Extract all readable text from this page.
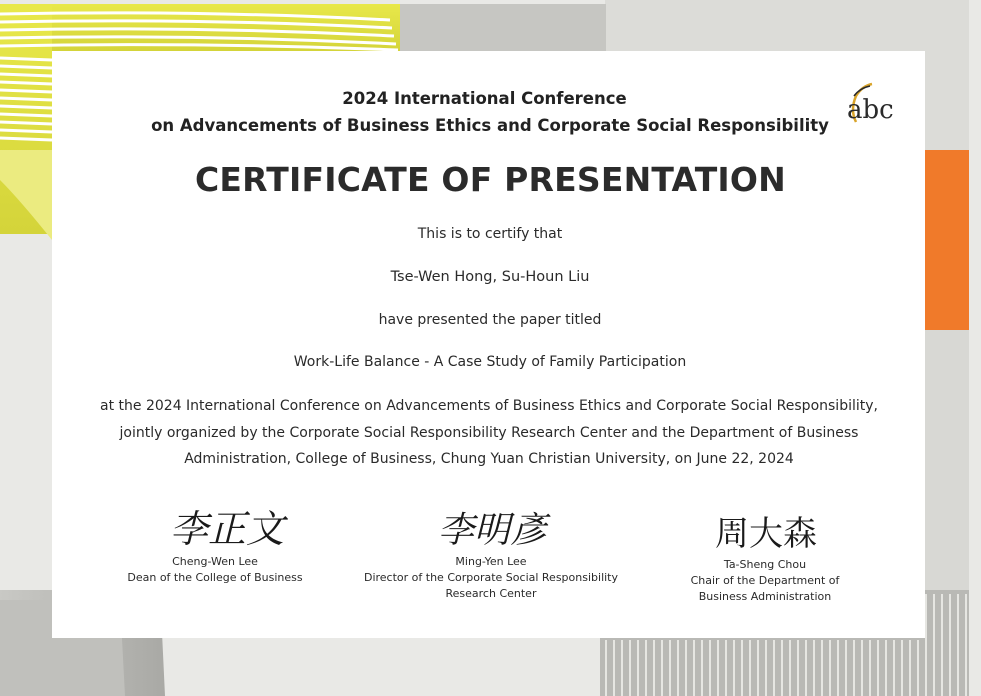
abc
2024 International Conference
on Advancements of Business Ethics and Corporate Social Responsibility
CERTIFICATE OF PRESENTATION
This is to certify that
Tse-Wen Hong, Su-Houn Liu
have presented the paper titled
Work-Life Balance - A Case Study of Family Participation
at the 2024 International Conference on Advancements of Business Ethics and Corporate Social Responsibility,
jointly organized by the Corporate Social Responsibility Research Center and the Department of Business
Administration, College of Business, Chung Yuan Christian University, on June 22, 2024
李正文
Cheng-Wen Lee
Dean of the College of Business
李明彥
Ming-Yen Lee
Director of the Corporate Social Responsibility
Research Center
周大森
Ta-Sheng Chou
Chair of the Department of
Business Administration
